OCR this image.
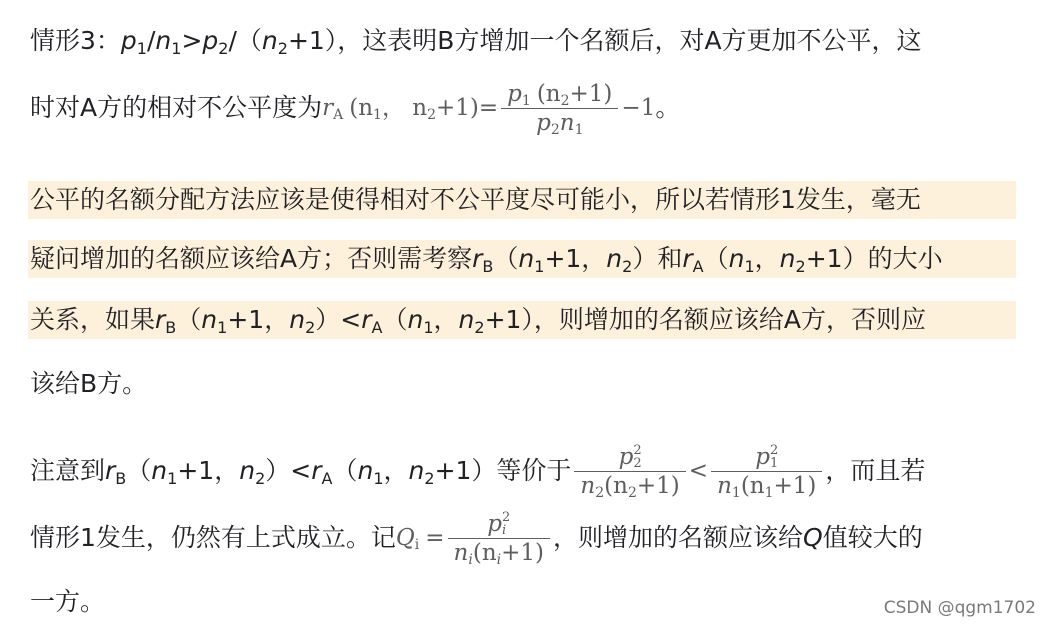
情形3： p 1 / n 1 > p 2 /（ n 2 +1），这表明B方增加一个名额后，对A方更加不公平，这
时对A方的相对不公平度为 r A (n 1 ， n $2 +1)= \frac{p 1 (n 2 +1)}{p 2 n 1} -1$ 。
公平的名额分配方法应该是使得相对不公平度尽可能小，所以若情形1发生，毫无
疑问增加的名额应该给A方；否则需考察 r B （ n 1 +1， n 2 ）和 r A （ n 1 ， n 2 +1）的大小
关系，如果 r B （ n 1 +1， n 2 ）< r A （ n 1 ， n 2 +1），则增加的名额应该给A方，否则应
该给B方。
注意到 r B （ n 1 +1， n 2 ）< r A （ n 1 ， n 2 +1）等价于 p 2
2
n 2 (n 2 +1) < p 2
1
n 1 (n 1 +1) ，而且若
情形1发生，仍然有上式成立。记 Q i = p 2
i
n i (n i +1) ，则增加的名额应该给 Q 值较大的
一方。	CSDN @qgm1702
